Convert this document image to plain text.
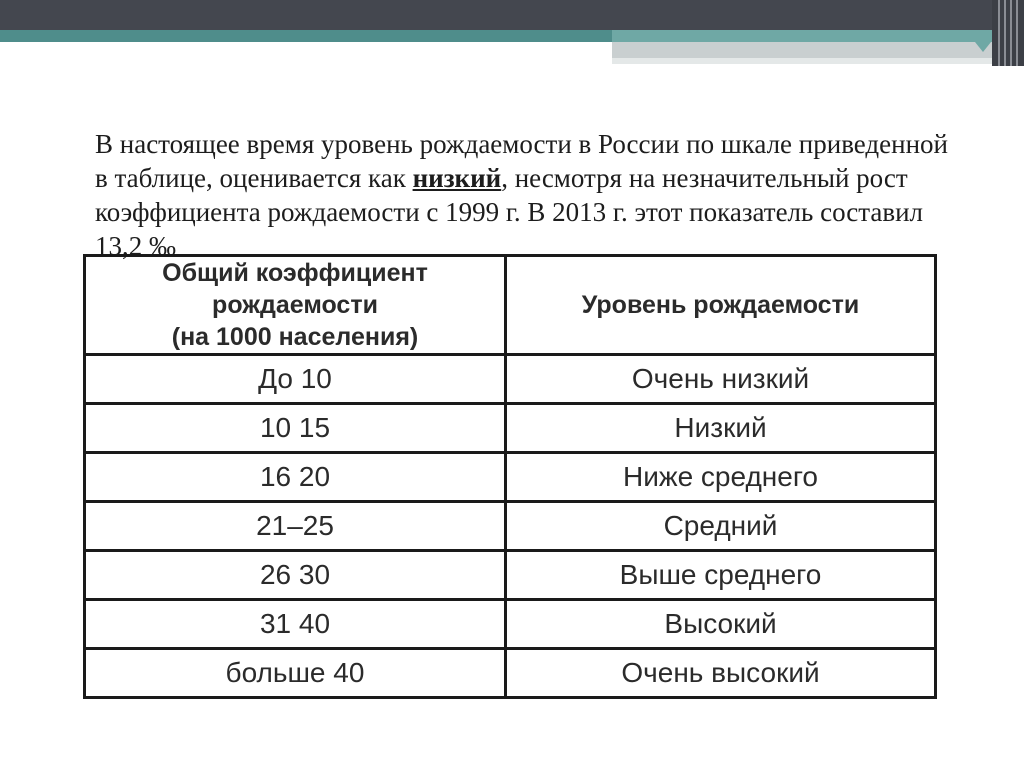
В настоящее время уровень рождаемости в России по шкале приведенной в таблице, оценивается как низкий, несмотря на незначительный рост коэффициента рождаемости с 1999 г. В 2013 г. этот показатель составил 13,2 ‰

Общий коэффициент рождаемости
(на 1000 населения)	Уровень рождаемости
До 10	Очень низкий
10 15	Низкий
16 20	Ниже среднего
21–25	Средний
26 30	Выше среднего
31 40	Высокий
больше 40	Очень высокий
